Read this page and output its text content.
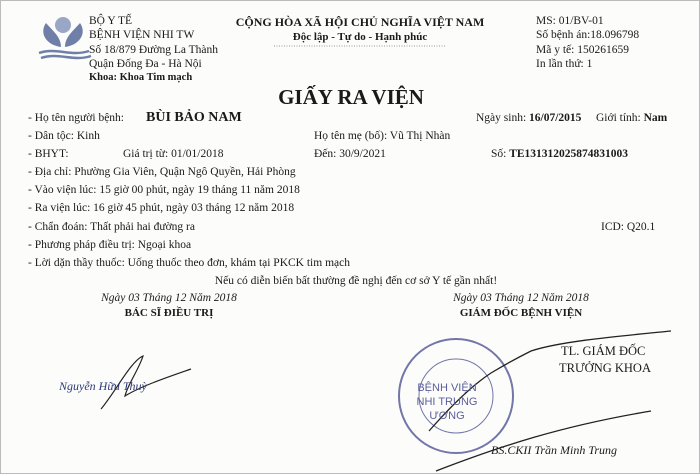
BỘ Y TẾ
BỆNH VIỆN NHI TW
Số 18/879 Đường La Thành
Quận Đống Đa - Hà Nội
Khoa: Khoa Tim mạch
CỘNG HÒA XÃ HỘI CHỦ NGHĨA VIỆT NAM
Độc lập - Tự do - Hạnh phúc
MS: 01/BV-01
Số bệnh án:18.096798
Mã y tế: 150261659
In lần thứ: 1
GIẤY RA VIỆN
- Họ tên người bệnh: BÙI BẢO NAM	Ngày sinh: 16/07/2015 Giới tính: Nam
- Dân tộc: Kinh	Họ tên mẹ (bố): Vũ Thị Nhàn
- BHYT:	Giá trị từ: 01/01/2018	Đến: 30/9/2021	Số: TE131312025874831003
- Địa chỉ: Phường Gia Viên, Quận Ngô Quyền, Hải Phòng
- Vào viện lúc: 15 giờ 00 phút, ngày 19 tháng 11 năm 2018
- Ra viện lúc: 16 giờ 45 phút, ngày 03 tháng 12 năm 2018
- Chẩn đoán: Thất phải hai đường ra	ICD: Q20.1
- Phương pháp điều trị: Ngoại khoa
- Lời dặn thầy thuốc: Uống thuốc theo đơn, khám tại PKCK tim mạch
Nếu có diễn biến bất thường đề nghị đến cơ sở Y tế gần nhất!
Ngày 03 Tháng 12 Năm 2018
BÁC SĨ ĐIỀU TRỊ
Nguyễn Hữu Thuỳ
Ngày 03 Tháng 12 Năm 2018
GIÁM ĐỐC BỆNH VIỆN
BỆNH VIỆN NHI TRUNG ƯƠNG
TL. GIÁM ĐỐC
TRƯỞNG KHOA
BS.CKII Trần Minh Trung
